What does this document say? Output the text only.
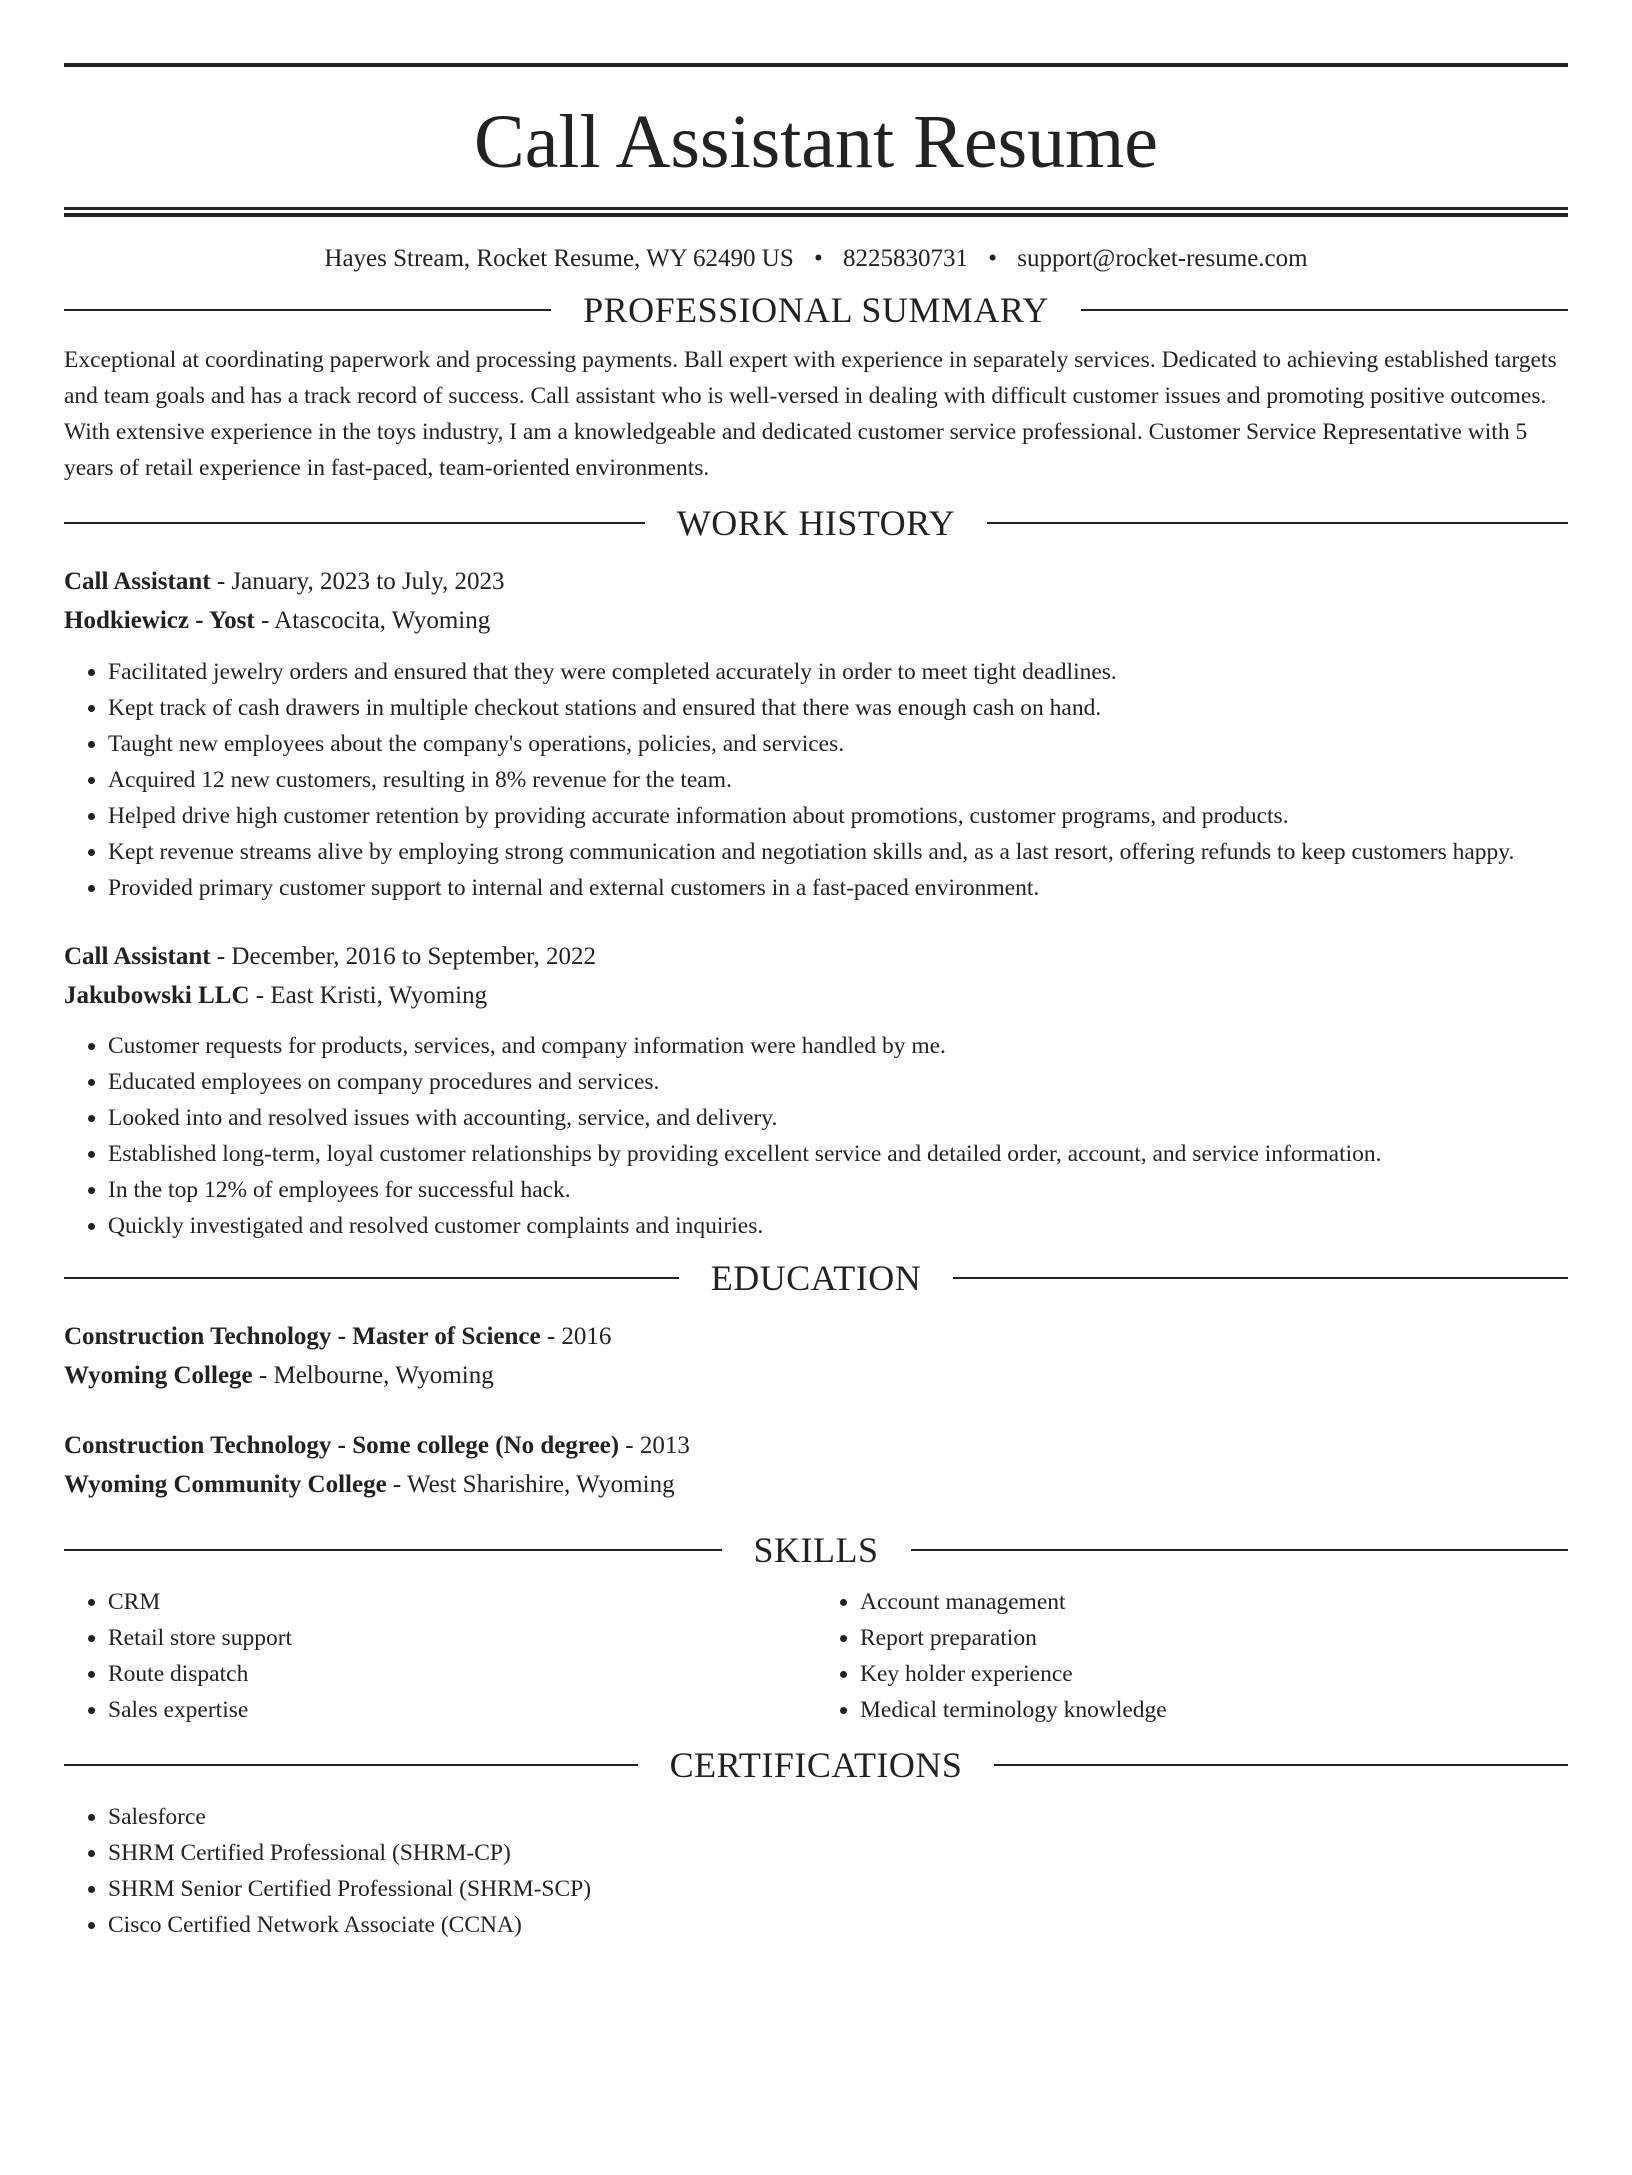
Call Assistant Resume
Hayes Stream, Rocket Resume, WY 62490 US • 8225830731 • support@rocket-resume.com
PROFESSIONAL SUMMARY

Exceptional at coordinating paperwork and processing payments. Ball expert with experience in separately services. Dedicated to achieving established targets and team goals and has a track record of success. Call assistant who is well-versed in dealing with difficult customer issues and promoting positive outcomes. With extensive experience in the toys industry, I am a knowledgeable and dedicated customer service professional. Customer Service Representative with 5 years of retail experience in fast-paced, team-oriented environments.

WORK HISTORY

Call Assistant - January, 2023 to July, 2023

Hodkiewicz - Yost - Atascocita, Wyoming

• Facilitated jewelry orders and ensured that they were completed accurately in order to meet tight deadlines.
• Kept track of cash drawers in multiple checkout stations and ensured that there was enough cash on hand.
• Taught new employees about the company's operations, policies, and services.
• Acquired 12 new customers, resulting in 8% revenue for the team.
• Helped drive high customer retention by providing accurate information about promotions, customer programs, and products.
• Kept revenue streams alive by employing strong communication and negotiation skills and, as a last resort, offering refunds to keep customers happy.
• Provided primary customer support to internal and external customers in a fast-paced environment.

Call Assistant - December, 2016 to September, 2022

Jakubowski LLC - East Kristi, Wyoming

• Customer requests for products, services, and company information were handled by me.
• Educated employees on company procedures and services.
• Looked into and resolved issues with accounting, service, and delivery.
• Established long-term, loyal customer relationships by providing excellent service and detailed order, account, and service information.
• In the top 12% of employees for successful hack.
• Quickly investigated and resolved customer complaints and inquiries.
EDUCATION

Construction Technology - Master of Science - 2016

Wyoming College - Melbourne, Wyoming

Construction Technology - Some college (No degree) - 2013

Wyoming Community College - West Sharishire, Wyoming

SKILLS
• CRM
• Retail store support
• Route dispatch
• Sales expertise
• Account management
• Report preparation
• Key holder experience
• Medical terminology knowledge
CERTIFICATIONS
• Salesforce
• SHRM Certified Professional (SHRM-CP)
• SHRM Senior Certified Professional (SHRM-SCP)
• Cisco Certified Network Associate (CCNA)
